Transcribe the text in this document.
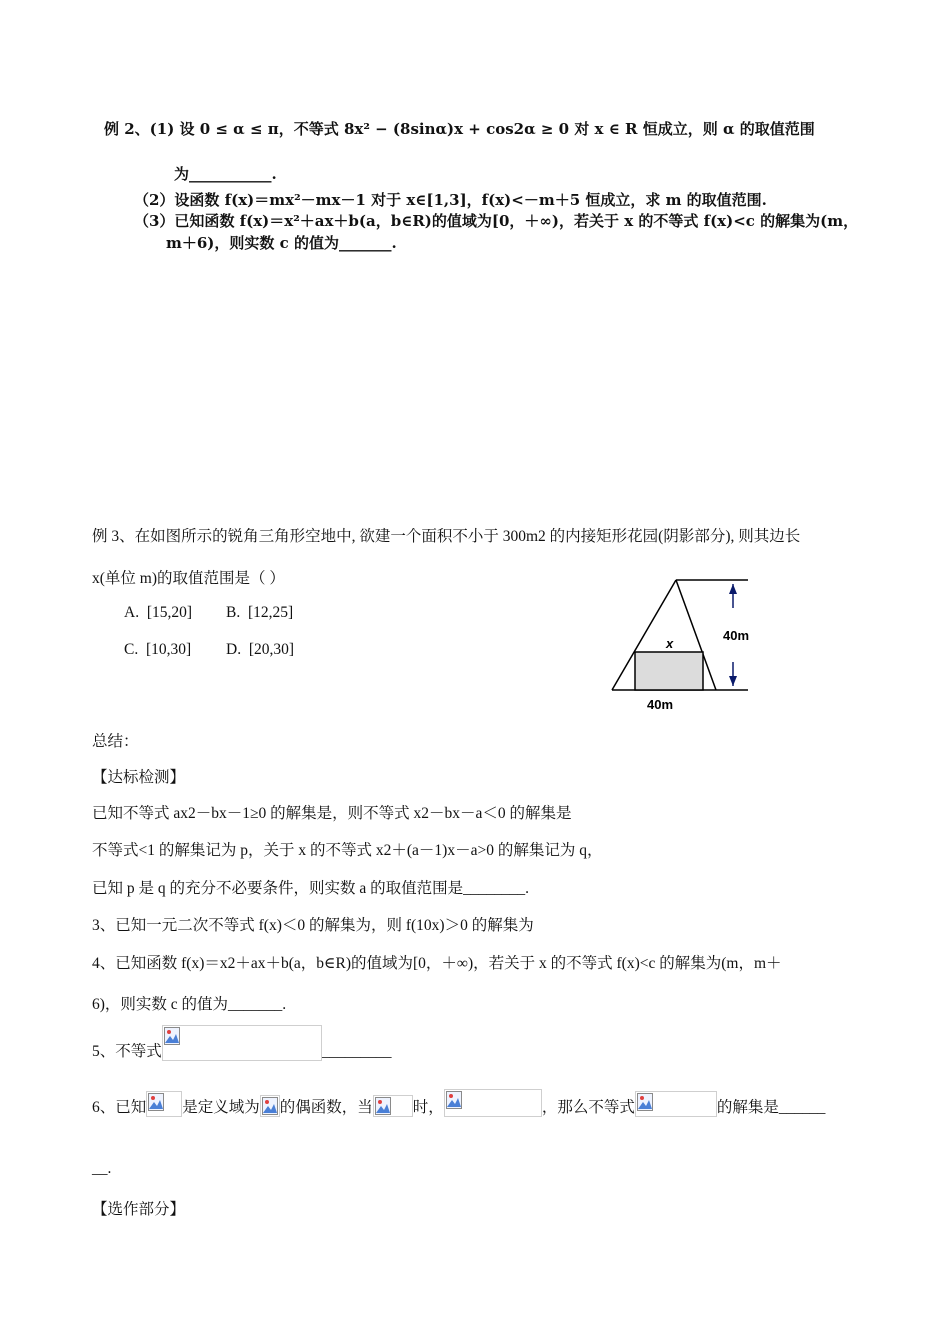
例 2、(1) 设 0 ≤ α ≤ π，不等式 8x² − (8sinα)x + cos2α ≥ 0 对 x ∈ R 恒成立，则 α 的取值范围
为___________.
（2）设函数 f(x)＝mx²－mx－1 对于 x∈[1,3]，f(x)<－m＋5 恒成立，求 m 的取值范围.
（3）已知函数 f(x)＝x²＋ax＋b(a，b∈R)的值域为[0，＋∞)，若关于 x 的不等式 f(x)<c 的解集为(m，
m＋6)，则实数 c 的值为_______.
例 3、在如图所示的锐角三角形空地中, 欲建一个面积不小于 300m2 的内接矩形花园(阴影部分), 则其边长
x(单位 m)的取值范围是（ ）
A. [15,20] B. [12,25]
C. [10,30] D. [20,30]	x
40m
40m
总结：
【达标检测】
已知不等式 ax2－bx－1≥0 的解集是，则不等式 x2－bx－a＜0 的解集是
不等式<1 的解集记为 p，关于 x 的不等式 x2＋(a－1)x－a>0 的解集记为 q，
已知 p 是 q 的充分不必要条件，则实数 a 的取值范围是________.
3、已知一元二次不等式 f(x)＜0 的解集为，则 f(10x)＞0 的解集为
4、已知函数 f(x)＝x2＋ax＋b(a，b∈R)的值域为[0，＋∞)，若关于 x 的不等式 f(x)<c 的解集为(m，m＋
6)，则实数 c 的值为_______.
5、不等式	_________
6、已知 是定义域为 的偶函数，当	时，	，那么不等式	的解集是______
__.
【选作部分】
